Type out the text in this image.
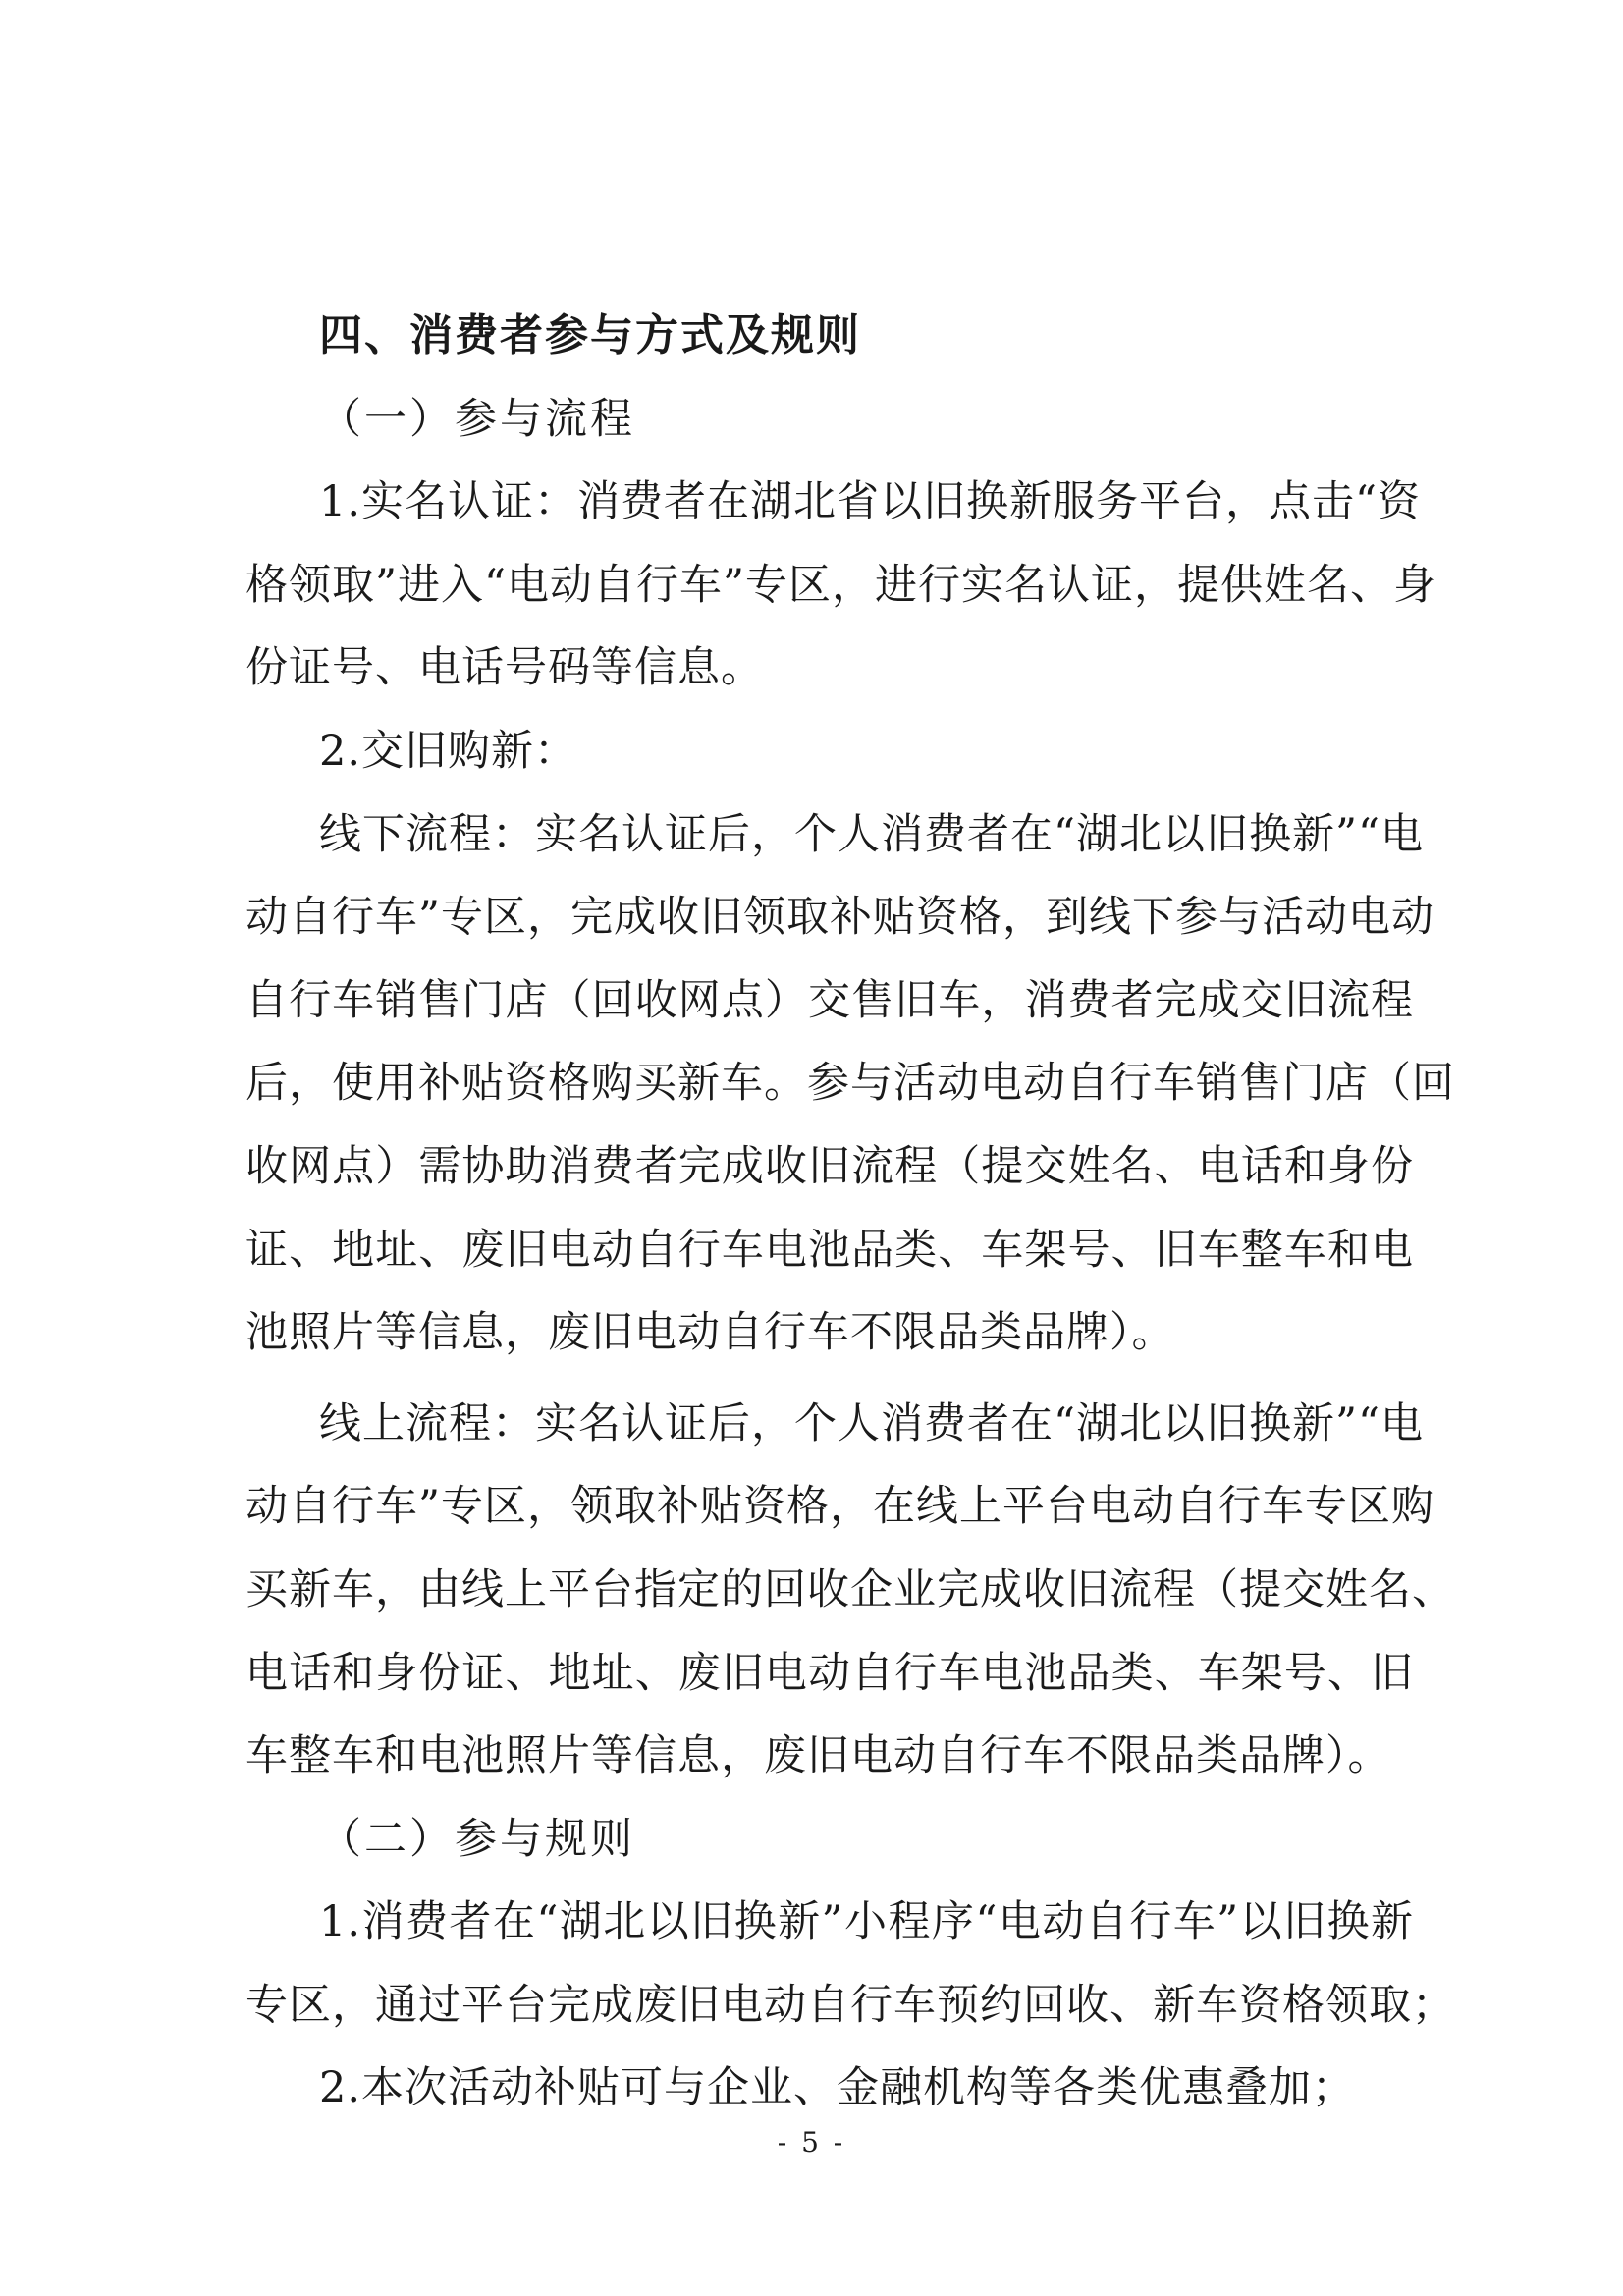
四、消费者参与方式及规则
（一）参与流程
1.实名认证：消费者在湖北省以旧换新服务平台，点击“资
格领取”进入“电动自行车”专区，进行实名认证，提供姓名、身
份证号、电话号码等信息。
2.交旧购新：
线下流程：实名认证后，个人消费者在“湖北以旧换新”“电
动自行车”专区，完成收旧领取补贴资格，到线下参与活动电动
自行车销售门店（回收网点）交售旧车，消费者完成交旧流程
后，使用补贴资格购买新车。参与活动电动自行车销售门店（回
收网点）需协助消费者完成收旧流程（提交姓名、电话和身份
证、地址、废旧电动自行车电池品类、车架号、旧车整车和电
池照片等信息，废旧电动自行车不限品类品牌）。
线上流程：实名认证后，个人消费者在“湖北以旧换新”“电
动自行车”专区，领取补贴资格，在线上平台电动自行车专区购
买新车，由线上平台指定的回收企业完成收旧流程（提交姓名、
电话和身份证、地址、废旧电动自行车电池品类、车架号、旧
车整车和电池照片等信息，废旧电动自行车不限品类品牌）。
（二）参与规则
1.消费者在“湖北以旧换新”小程序“电动自行车”以旧换新
专区，通过平台完成废旧电动自行车预约回收、新车资格领取；
2.本次活动补贴可与企业、金融机构等各类优惠叠加；
- 5 -
